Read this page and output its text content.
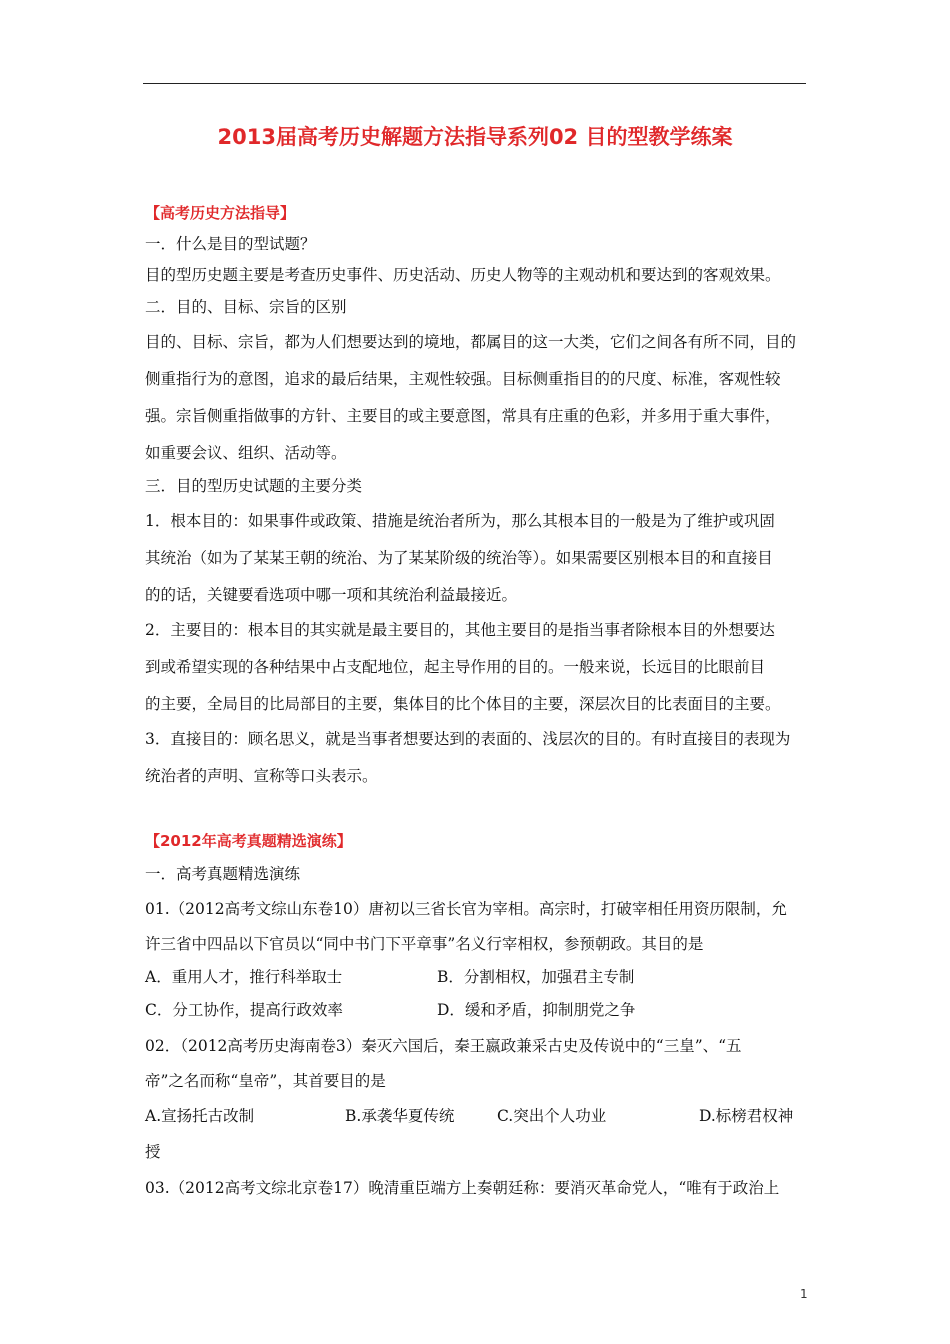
2013届高考历史解题方法指导系列02 目的型教学练案
【高考历史方法指导】
一．什么是目的型试题？
目的型历史题主要是考查历史事件、历史活动、历史人物等的主观动机和要达到的客观效果。
二．目的、目标、宗旨的区别
目的、目标、宗旨，都为人们想要达到的境地，都属目的这一大类，它们之间各有所不同，目的
侧重指行为的意图，追求的最后结果，主观性较强。目标侧重指目的的尺度、标准，客观性较
强。宗旨侧重指做事的方针、主要目的或主要意图，常具有庄重的色彩，并多用于重大事件，
如重要会议、组织、活动等。
三．目的型历史试题的主要分类
1．根本目的：如果事件或政策、措施是统治者所为，那么其根本目的一般是为了维护或巩固
其统治（如为了某某王朝的统治、为了某某阶级的统治等）。如果需要区别根本目的和直接目
的的话，关键要看选项中哪一项和其统治利益最接近。
2．主要目的：根本目的其实就是最主要目的，其他主要目的是指当事者除根本目的外想要达
到或希望实现的各种结果中占支配地位，起主导作用的目的。一般来说，长远目的比眼前目
的主要，全局目的比局部目的主要，集体目的比个体目的主要，深层次目的比表面目的主要。
3．直接目的：顾名思义，就是当事者想要达到的表面的、浅层次的目的。有时直接目的表现为
统治者的声明、宣称等口头表示。
【2012年高考真题精选演练】
一．高考真题精选演练
01.（2012高考文综山东卷10）唐初以三省长官为宰相。高宗时，打破宰相任用资历限制，允
许三省中四品以下官员以“同中书门下平章事”名义行宰相权，参预朝政。其目的是
A．重用人才，推行科举取士	B．分割相权，加强君主专制
C．分工协作，提高行政效率	D．缓和矛盾，抑制朋党之争
02．（2012高考历史海南卷3）秦灭六国后，秦王嬴政兼采古史及传说中的“三皇”、“五
帝”之名而称“皇帝”，其首要目的是
A.宣扬托古改制	B.承袭华夏传统	C.突出个人功业	D.标榜君权神
授
03.（2012高考文综北京卷17）晚清重臣端方上奏朝廷称：要消灭革命党人，“唯有于政治上
1
